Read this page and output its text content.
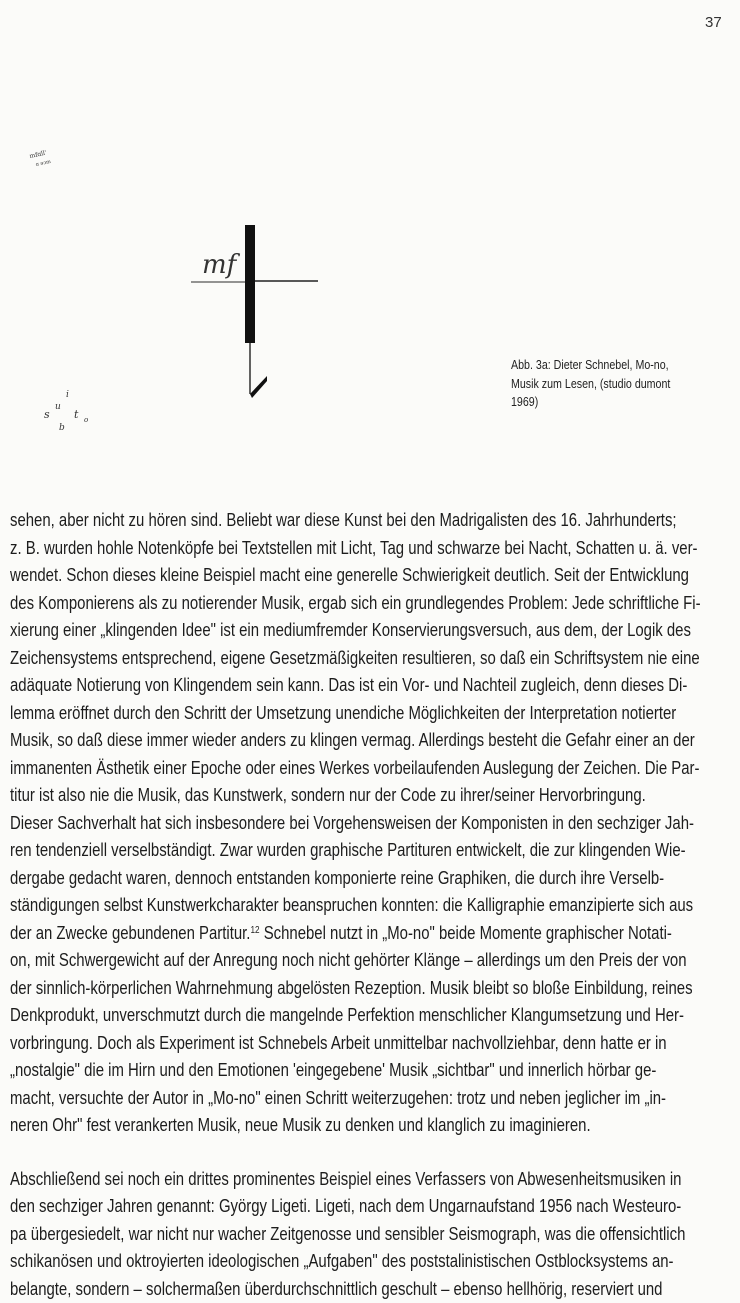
37
mfɑllʿ
ɑ əɔm
mf
s
u
b
i
t o
Abb. 3a: Dieter Schnebel, Mo-no,
Musik zum Lesen, (studio dumont
1969)
sehen, aber nicht zu hören sind. Beliebt war diese Kunst bei den Madrigalisten des 16. Jahrhunderts;
z. B. wurden hohle Notenköpfe bei Textstellen mit Licht, Tag und schwarze bei Nacht, Schatten u. ä. ver-
wendet. Schon dieses kleine Beispiel macht eine generelle Schwierigkeit deutlich. Seit der Entwicklung
des Komponierens als zu notierender Musik, ergab sich ein grundlegendes Problem: Jede schriftliche Fi-
xierung einer „klingenden Idee" ist ein mediumfremder Konservierungsversuch, aus dem, der Logik des
Zeichensystems entsprechend, eigene Gesetzmäßigkeiten resultieren, so daß ein Schriftsystem nie eine
adäquate Notierung von Klingendem sein kann. Das ist ein Vor- und Nachteil zugleich, denn dieses Di-
lemma eröffnet durch den Schritt der Umsetzung unendiche Möglichkeiten der Interpretation notierter
Musik, so daß diese immer wieder anders zu klingen vermag. Allerdings besteht die Gefahr einer an der
immanenten Ästhetik einer Epoche oder eines Werkes vorbeilaufenden Auslegung der Zeichen. Die Par-
titur ist also nie die Musik, das Kunstwerk, sondern nur der Code zu ihrer/seiner Hervorbringung.
Dieser Sachverhalt hat sich insbesondere bei Vorgehensweisen der Komponisten in den sechziger Jah-
ren tendenziell verselbständigt. Zwar wurden graphische Partituren entwickelt, die zur klingenden Wie-
dergabe gedacht waren, dennoch entstanden komponierte reine Graphiken, die durch ihre Verselb-
ständigungen selbst Kunstwerkcharakter beanspruchen konnten: die Kalligraphie emanzipierte sich aus
der an Zwecke gebundenen Partitur.$^{12}$ Schnebel nutzt in „Mo-no" beide Momente graphischer Notati-
on, mit Schwergewicht auf der Anregung noch nicht gehörter Klänge – allerdings um den Preis der von
der sinnlich-körperlichen Wahrnehmung abgelösten Rezeption. Musik bleibt so bloße Einbildung, reines
Denkprodukt, unverschmutzt durch die mangelnde Perfektion menschlicher Klangumsetzung und Her-
vorbringung. Doch als Experiment ist Schnebels Arbeit unmittelbar nachvollziehbar, denn hatte er in
„nostalgie" die im Hirn und den Emotionen 'eingegebene' Musik „sichtbar" und innerlich hörbar ge-
macht, versuchte der Autor in „Mo-no" einen Schritt weiterzugehen: trotz und neben jeglicher im „in-
neren Ohr" fest verankerten Musik, neue Musik zu denken und klanglich zu imaginieren.
Abschließend sei noch ein drittes prominentes Beispiel eines Verfassers von Abwesenheitsmusiken in
den sechziger Jahren genannt: György Ligeti. Ligeti, nach dem Ungarnaufstand 1956 nach Westeuro-
pa übergesiedelt, war nicht nur wacher Zeitgenosse und sensibler Seismograph, was die offensichtlich
schikanösen und oktroyierten ideologischen „Aufgaben" des poststalinistischen Ostblocksystems an-
belangte, sondern – solchermaßen überdurchschnittlich geschult – ebenso hellhörig, reserviert und
